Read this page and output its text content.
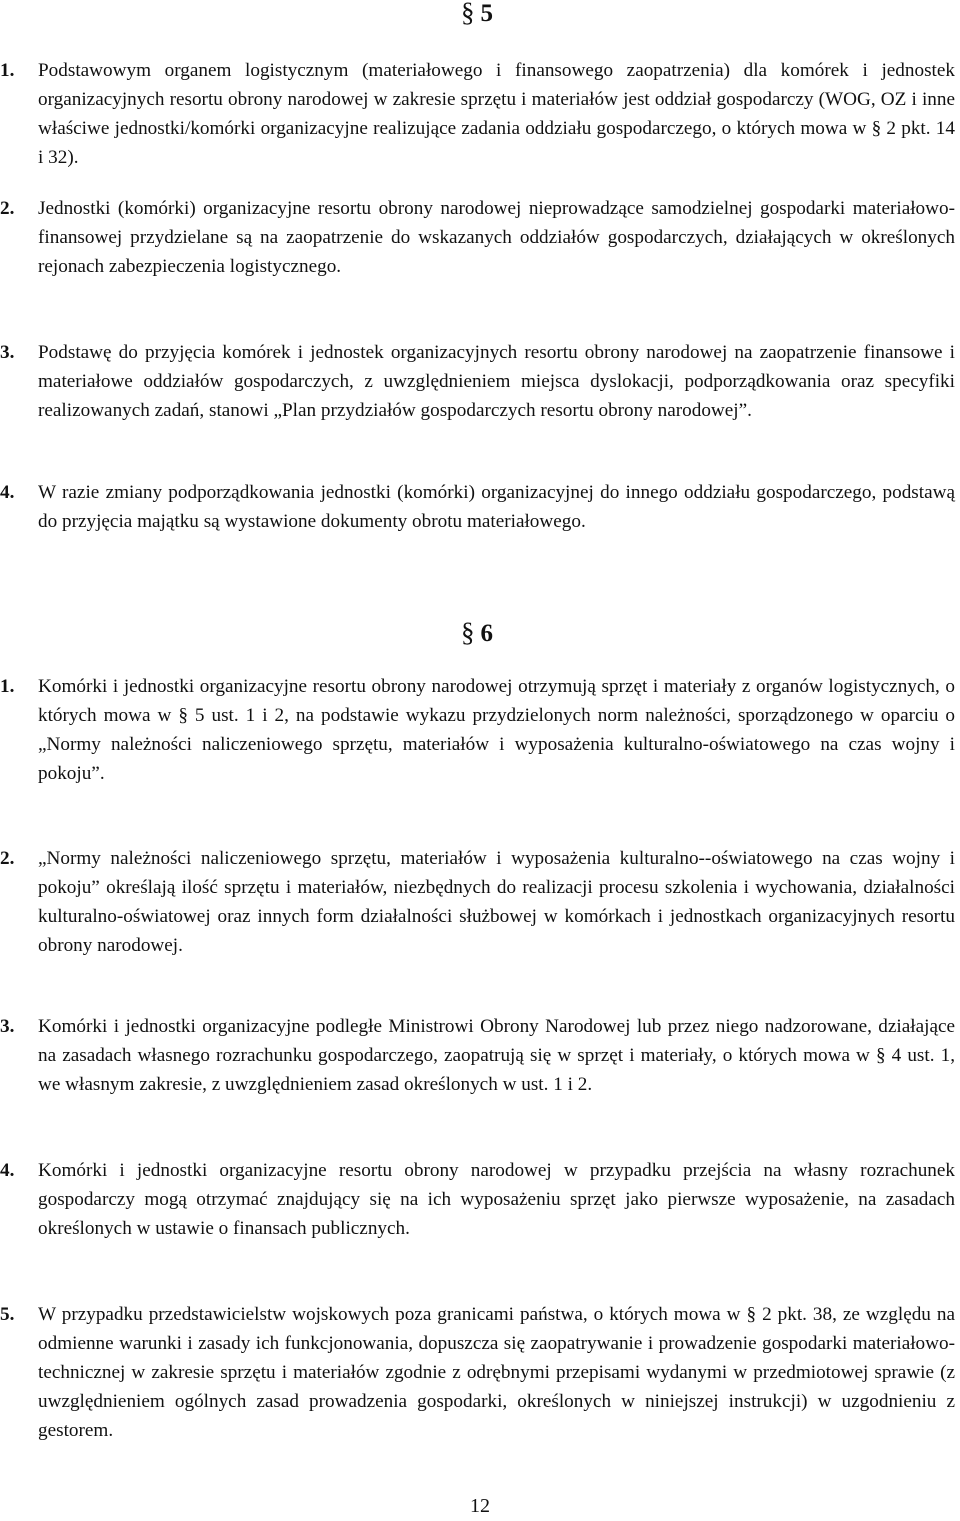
§ 5
1. Podstawowym organem logistycznym (materiałowego i finansowego zaopatrzenia) dla komórek i jednostek organizacyjnych resortu obrony narodowej w zakresie sprzętu i materiałów jest oddział gospodarczy (WOG, OZ i inne właściwe jednostki/komórki organizacyjne realizujące zadania oddziału gospodarczego, o których mowa w § 2 pkt. 14 i 32).
2. Jednostki (komórki) organizacyjne resortu obrony narodowej nieprowadzące samodzielnej gospodarki materiałowo-finansowej przydzielane są na zaopatrzenie do wskazanych oddziałów gospodarczych, działających w określonych rejonach zabezpieczenia logistycznego.
3. Podstawę do przyjęcia komórek i jednostek organizacyjnych resortu obrony narodowej na zaopatrzenie finansowe i materiałowe oddziałów gospodarczych, z uwzględnieniem miejsca dyslokacji, podporządkowania oraz specyfiki realizowanych zadań, stanowi „Plan przydziałów gospodarczych resortu obrony narodowej”.
4. W razie zmiany podporządkowania jednostki (komórki) organizacyjnej do innego oddziału gospodarczego, podstawą do przyjęcia majątku są wystawione dokumenty obrotu materiałowego.
§ 6
1. Komórki i jednostki organizacyjne resortu obrony narodowej otrzymują sprzęt i materiały z organów logistycznych, o których mowa w § 5 ust. 1 i 2, na podstawie wykazu przydzielonych norm należności, sporządzonego w oparciu o „Normy należności naliczeniowego sprzętu, materiałów i wyposażenia kulturalno-oświatowego na czas wojny i pokoju”.
2. „Normy należności naliczeniowego sprzętu, materiałów i wyposażenia kulturalno--oświatowego na czas wojny i pokoju” określają ilość sprzętu i materiałów, niezbędnych do realizacji procesu szkolenia i wychowania, działalności kulturalno-oświatowej oraz innych form działalności służbowej w komórkach i jednostkach organizacyjnych resortu obrony narodowej.
3. Komórki i jednostki organizacyjne podległe Ministrowi Obrony Narodowej lub przez niego nadzorowane, działające na zasadach własnego rozrachunku gospodarczego, zaopatrują się w sprzęt i materiały, o których mowa w § 4 ust. 1, we własnym zakresie, z uwzględnieniem zasad określonych w ust. 1 i 2.
4. Komórki i jednostki organizacyjne resortu obrony narodowej w przypadku przejścia na własny rozrachunek gospodarczy mogą otrzymać znajdujący się na ich wyposażeniu sprzęt jako pierwsze wyposażenie, na zasadach określonych w ustawie o finansach publicznych.
5. W przypadku przedstawicielstw wojskowych poza granicami państwa, o których mowa w § 2 pkt. 38, ze względu na odmienne warunki i zasady ich funkcjonowania, dopuszcza się zaopatrywanie i prowadzenie gospodarki materiałowo-technicznej w zakresie sprzętu i materiałów zgodnie z odrębnymi przepisami wydanymi w przedmiotowej sprawie (z uwzględnieniem ogólnych zasad prowadzenia gospodarki, określonych w niniejszej instrukcji) w uzgodnieniu z gestorem.
12
